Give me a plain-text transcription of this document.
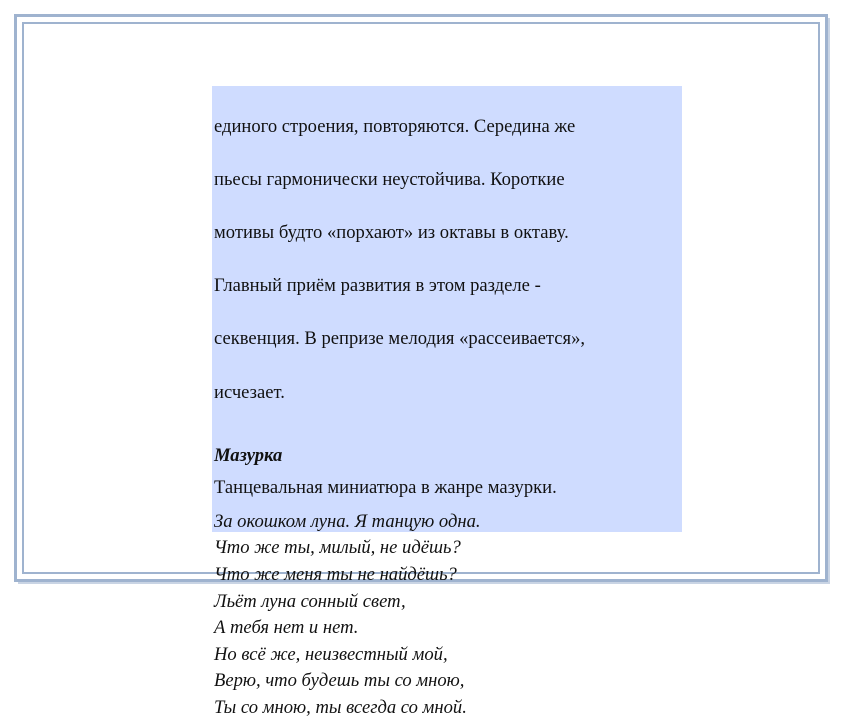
единого строения, повторяются. Середина же

пьесы гармонически неустойчива. Короткие

мотивы будто «порхают» из октавы в октаву.

Главный приём развития в этом разделе -

секвенция. В репризе мелодия «рассеивается»,

исчезает.

Мазурка

Танцевальная миниатюра в жанре мазурки.

За окошком луна. Я танцую одна.
Что же ты, милый, не идёшь?
Что же меня ты не найдёшь?
Льёт луна сонный свет,
А тебя нет и нет.
Но всё же, неизвестный мой,
Верю, что будешь ты со мною,
Ты со мною, ты всегда со мной.
